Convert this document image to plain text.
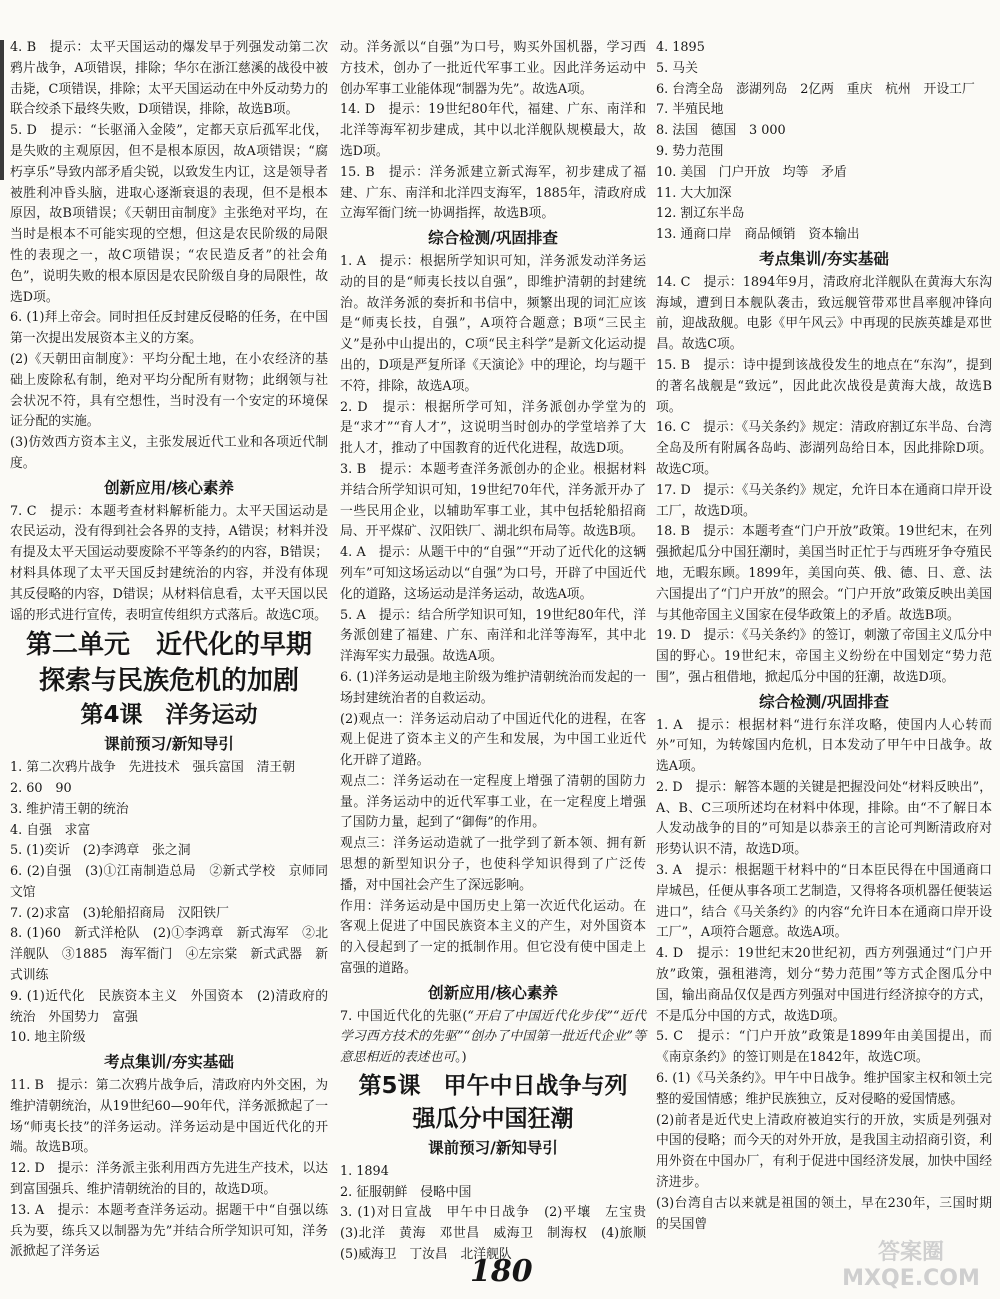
4. B　提示：太平天国运动的爆发早于列强发动第二次鸦片战争，A项错误，排除；华尔在浙江慈溪的战役中被击毙，C项错误，排除；太平天国运动在中外反动势力的联合绞杀下最终失败，D项错误，排除，故选B项。

5. D　提示：“长驱涌入金陵”，定都天京后孤军北伐，是失败的主观原因，但不是根本原因，故A项错误；“腐朽享乐”导致内部矛盾尖锐，以致发生内讧，这是领导者被胜利冲昏头脑，进取心逐渐衰退的表现，但不是根本原因，故B项错误；《天朝田亩制度》主张绝对平均，在当时是根本不可能实现的空想，但这是农民阶级的局限性的表现之一，故C项错误；“农民造反者”的社会角色”，说明失败的根本原因是农民阶级自身的局限性，故选D项。

6. (1)拜上帝会。同时担任反封建反侵略的任务，在中国第一次提出发展资本主义的方案。

(2)《天朝田亩制度》：平均分配土地，在小农经济的基础上废除私有制，绝对平均分配所有财物；此纲领与社会状况不符，具有空想性，当时没有一个安定的环境保证分配的实施。

(3)仿效西方资本主义，主张发展近代工业和各项近代制度。

创新应用/核心素养

7. C　提示：本题考查材料解析能力。太平天国运动是农民运动，没有得到社会各界的支持，A错误；材料并没有提及太平天国运动要废除不平等条约的内容，B错误；材料具体现了太平天国反封建统治的内容，并没有体现其反侵略的内容，D错误；从材料信息看，太平天国以民谣的形式进行宣传，表明宣传组织方式落后。故选C项。

第二单元　近代化的早期
探索与民族危机的加剧
第4课　洋务运动
课前预习/新知导引

1. 第二次鸦片战争　先进技术　强兵富国　清王朝

2. 60　90

3. 维护清王朝的统治

4. 自强　求富

5. (1)奕䜣　(2)李鸿章　张之洞

6. (2)自强　(3)①江南制造总局　②新式学校　京师同文馆

7. (2)求富　(3)轮船招商局　汉阳铁厂

8. (1)60　新式洋枪队　(2)①李鸿章　新式海军　②北洋舰队　③1885　海军衙门　④左宗棠　新式武器　新式训练

9. (1)近代化　民族资本主义　外国资本　(2)清政府的统治　外国势力　富强

10. 地主阶级

考点集训/夯实基础

11. B　提示：第二次鸦片战争后，清政府内外交困，为维护清朝统治，从19世纪60—90年代，洋务派掀起了一场“师夷长技”的洋务运动。洋务运动是中国近代化的开端。故选B项。

12. D　提示：洋务派主张利用西方先进生产技术，以达到富国强兵、维护清朝统治的目的，故选D项。

13. A　提示：本题考查洋务运动。据题干中“自强以练兵为要，练兵又以制器为先”并结合所学知识可知，洋务派掀起了洋务运

动。洋务派以“自强”为口号，购买外国机器，学习西方技术，创办了一批近代军事工业。因此洋务运动中创办军事工业能体现“制器为先”。故选A项。

14. D　提示：19世纪80年代，福建、广东、南洋和北洋等海军初步建成，其中以北洋舰队规模最大，故选D项。

15. B　提示：洋务派建立新式海军，初步建成了福建、广东、南洋和北洋四支海军，1885年，清政府成立海军衙门统一协调指挥，故选B项。

综合检测/巩固排查

1. A　提示：根据所学知识可知，洋务派发动洋务运动的目的是“师夷长技以自强”，即维护清朝的封建统治。故洋务派的奏折和书信中，频繁出现的词汇应该是“师夷长技，自强”，A项符合题意；B项“三民主义”是孙中山提出的，C项“民主科学”是新文化运动提出的，D项是严复所译《天演论》中的理论，均与题干不符，排除，故选A项。

2. D　提示：根据所学可知，洋务派创办学堂为的是“求才”“育人才”，这说明当时创办的学堂培养了大批人才，推动了中国教育的近代化进程，故选D项。

3. B　提示：本题考查洋务派创办的企业。根据材料并结合所学知识可知，19世纪70年代，洋务派开办了一些民用企业，以辅助军事工业，其中包括轮船招商局、开平煤矿、汉阳铁厂、湖北织布局等。故选B项。

4. A　提示：从题干中的“自强”“开动了近代化的这辆列车”可知这场运动以“自强”为口号，开辟了中国近代化的道路，这场运动是洋务运动，故选A项。

5. A　提示：结合所学知识可知，19世纪80年代，洋务派创建了福建、广东、南洋和北洋等海军，其中北洋海军实力最强。故选A项。

6. (1)洋务运动是地主阶级为维护清朝统治而发起的一场封建统治者的自救运动。

(2)观点一：洋务运动启动了中国近代化的进程，在客观上促进了资本主义的产生和发展，为中国工业近代化开辟了道路。

观点二：洋务运动在一定程度上增强了清朝的国防力量。洋务运动中的近代军事工业，在一定程度上增强了国防力量，起到了“御侮”的作用。

观点三：洋务运动造就了一批学到了新本领、拥有新思想的新型知识分子，也使科学知识得到了广泛传播，对中国社会产生了深远影响。

作用：洋务运动是中国历史上第一次近代化运动。在客观上促进了中国民族资本主义的产生，对外国资本的入侵起到了一定的抵制作用。但它没有使中国走上富强的道路。

创新应用/核心素养

7. 中国近代化的先驱(“开启了中国近代化步伐”“近代学习西方技术的先驱”“创办了中国第一批近代企业”等意思相近的表述也可。)

第5课　甲午中日战争与列
强瓜分中国狂潮
课前预习/新知导引

1. 1894

2. 征服朝鲜　侵略中国

3. (1)对日宣战　甲午中日战争　(2)平壤　左宝贵　(3)北洋　黄海　邓世昌　威海卫　制海权　(4)旅顺　(5)威海卫　丁汝昌　北洋舰队

4. 1895

5. 马关

6. 台湾全岛　澎湖列岛　2亿两　重庆　杭州　开设工厂

7. 半殖民地

8. 法国　德国　3 000

9. 势力范围

10. 美国　门户开放　均等　矛盾

11. 大大加深

12. 割辽东半岛

13. 通商口岸　商品倾销　资本输出

考点集训/夯实基础

14. C　提示：1894年9月，清政府北洋舰队在黄海大东沟海域，遭到日本舰队袭击，致远舰管带邓世昌率舰冲锋向前，迎战敌舰。电影《甲午风云》中再现的民族英雄是邓世昌。故选C项。

15. B　提示：诗中提到该战役发生的地点在“东沟”，提到的著名战舰是“致远”，因此此次战役是黄海大战，故选B项。

16. C　提示：《马关条约》规定：清政府割辽东半岛、台湾全岛及所有附属各岛屿、澎湖列岛给日本，因此排除D项。故选C项。

17. D　提示：《马关条约》规定，允许日本在通商口岸开设工厂，故选D项。

18. B　提示：本题考查“门户开放”政策。19世纪末，在列强掀起瓜分中国狂潮时，美国当时正忙于与西班牙争夺殖民地，无暇东顾。1899年，美国向英、俄、德、日、意、法六国提出了“门户开放”的照会。“门户开放”政策反映出美国与其他帝国主义国家在侵华政策上的矛盾。故选B项。

19. D　提示：《马关条约》的签订，刺激了帝国主义瓜分中国的野心。19世纪末，帝国主义纷纷在中国划定“势力范围”，强占租借地，掀起瓜分中国的狂潮，故选D项。

综合检测/巩固排查

1. A　提示：根据材料“进行东洋攻略，使国内人心转而外”可知，为转嫁国内危机，日本发动了甲午中日战争。故选A项。

2. D　提示：解答本题的关键是把握没问处“材料反映出”，A、B、C三项所述均在材料中体现，排除。由“不了解日本人发动战争的目的”可知是以恭亲王的言论可判断清政府对形势认识不清，故选D项。

3. A　提示：根据题干材料中的“日本臣民得在中国通商口岸城邑，任便从事各项工艺制造，又得将各项机器任便装运进口”，结合《马关条约》的内容“允许日本在通商口岸开设工厂”，A项符合题意。故选A项。

4. D　提示：19世纪末20世纪初，西方列强通过“门户开放”政策，强租港湾，划分“势力范围”等方式企图瓜分中国，输出商品仅仅是西方列强对中国进行经济掠夺的方式，不是瓜分中国的方式，故选D项。

5. C　提示：“门户开放”政策是1899年由美国提出，而《南京条约》的签订则是在1842年，故选C项。

6. (1)《马关条约》。甲午中日战争。维护国家主权和领土完整的爱国情感；维护民族独立，反对侵略的爱国情感。

(2)前者是近代史上清政府被迫实行的开放，实质是列强对中国的侵略；而今天的对外开放，是我国主动招商引资，利用外资在中国办厂，有利于促进中国经济发展，加快中国经济进步。

(3)台湾自古以来就是祖国的领土，早在230年，三国时期的吴国曾

180
答案圈
MXQE.COM
